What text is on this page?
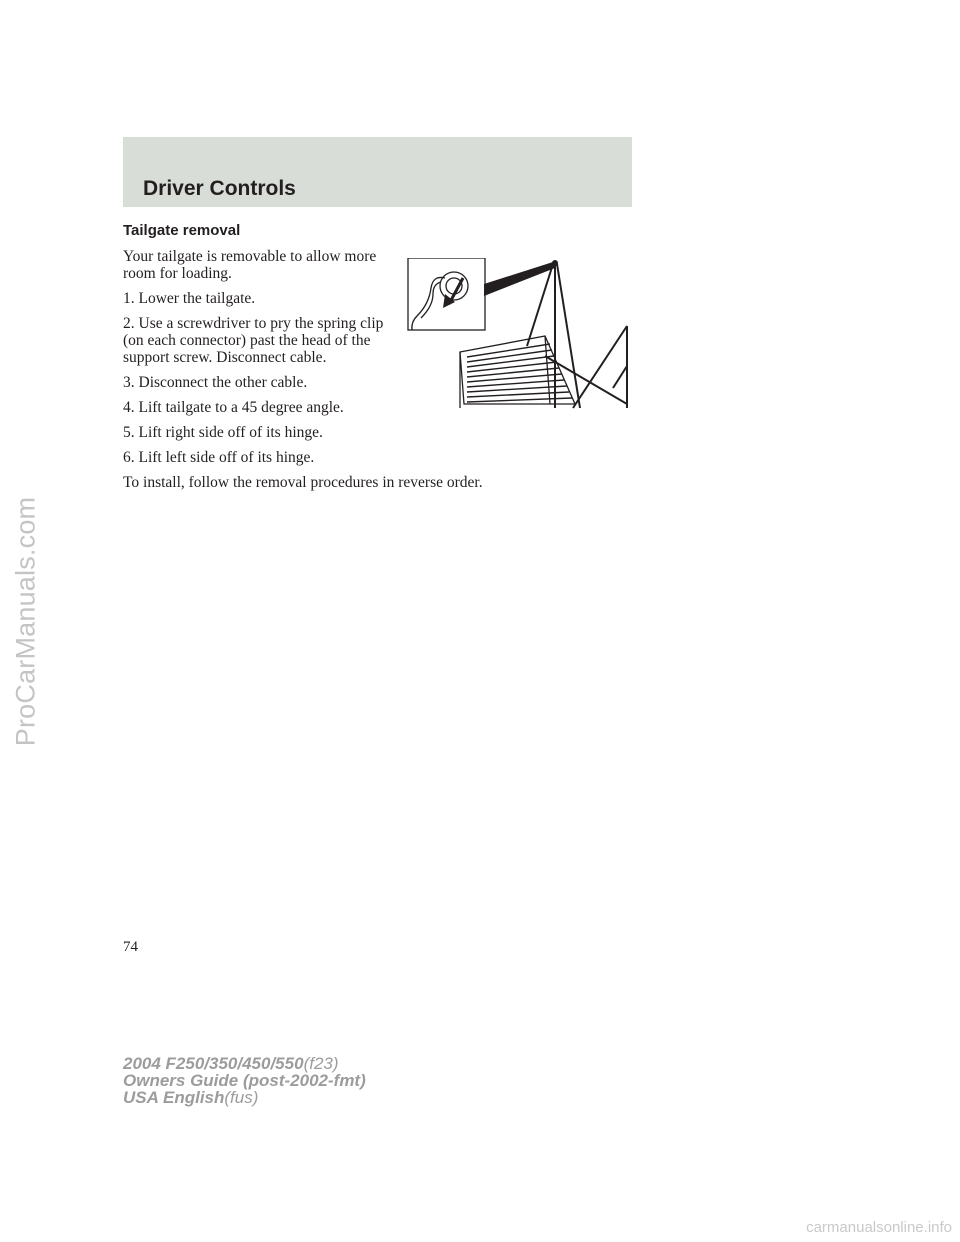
ProCarManuals.com
Driver Controls
Tailgate removal

Your tailgate is removable to allow more room for loading.

1. Lower the tailgate.

2. Use a screwdriver to pry the spring clip (on each connector) past the head of the support screw. Disconnect cable.

3. Disconnect the other cable.

4. Lift tailgate to a 45 degree angle.

5. Lift right side off of its hinge.

6. Lift left side off of its hinge.

To install, follow the removal procedures in reverse order.

74
2004 F250/350/450/550(f23)
Owners Guide (post-2002-fmt)
USA English(fus)
carmanualsonline.info
